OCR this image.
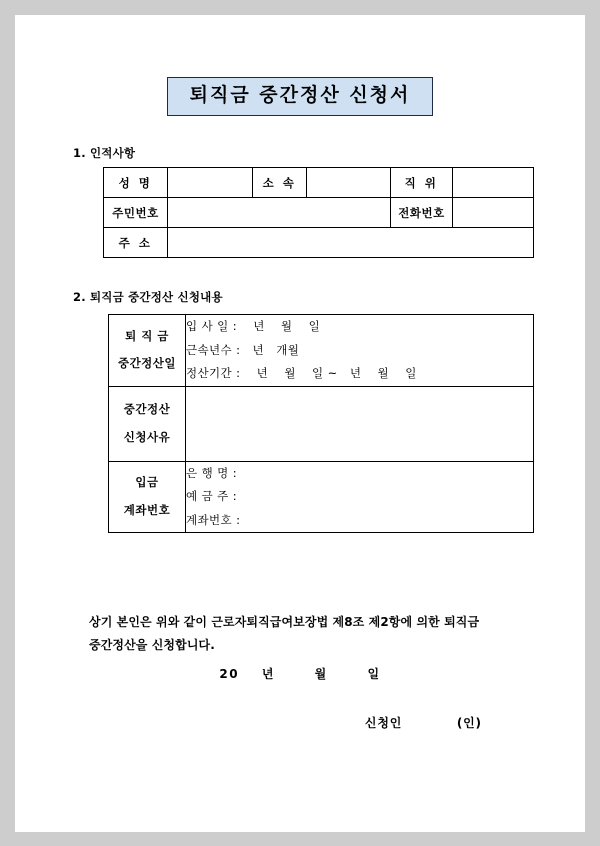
퇴직금 중간정산 신청서
1. 인적사항
성 명		소 속		직 위	
주민번호				전화번호	
주 소					
2. 퇴직금 중간정산 신청내용
퇴 직 금
중간정산일	입 사 일 :    년    월    일
근속년수 :   년   개월
정산기간 :    년    월    일 ~   년    월    일

중간정산
신청사유	
입금
계좌번호	은 행 명 :
예 금 주 :
계좌번호 :
상기 본인은 위와 같이 근로자퇴직급여보장법 제8조 제2항에 의한 퇴직금
중간정산을 신청합니다.
20    년       월       일

신청인	(인)
